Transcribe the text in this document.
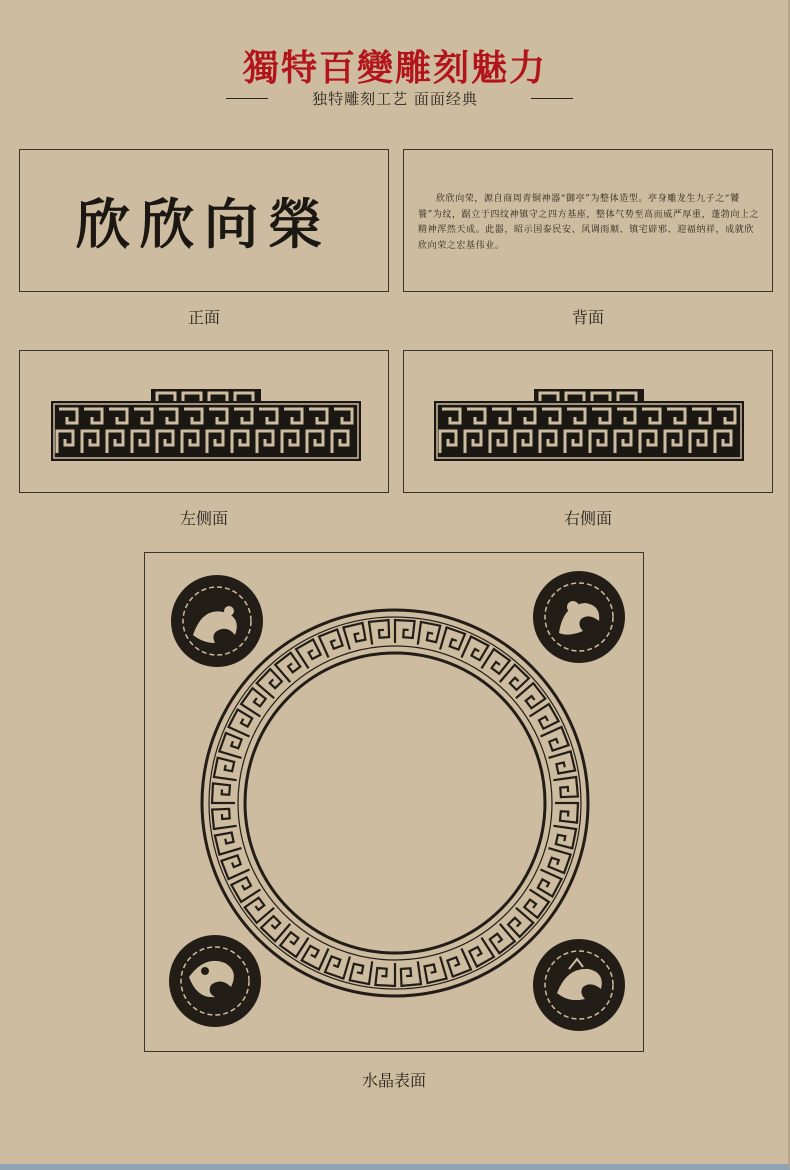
獨特百變雕刻魅力
独特雕刻工艺 面面经典
欣欣向榮
正面
欣欣向荣，源自商周青铜神器“御亭”为整体造型。亭身雕龙生九子之“饕餮”为纹，踞立于四纹神镇守之四方基座，整体气势至高而威严厚重，蓬勃向上之精神浑然天成。此器，昭示国泰民安、风调雨顺、镇宅辟邪、迎福纳祥，成就欣欣向荣之宏基伟业。
背面
左侧面	右侧面
水晶表面
